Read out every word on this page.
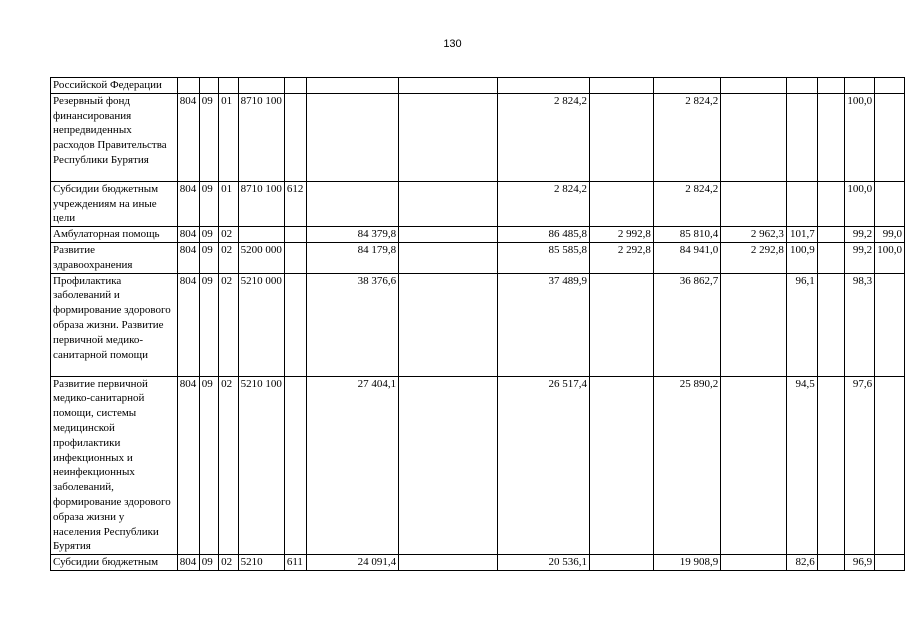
130
Российской Федерации															
Резервный фонд финансирования непредвиденных расходов Правительства Республики Бурятия	804	09	01	8710 100				2 824,2		2 824,2				100,0	
Субсидии бюджетным учреждениям на иные цели	804	09	01	8710 100	612			2 824,2		2 824,2				100,0	
Амбулаторная помощь	804	09	02			84 379,8		86 485,8	2 992,8	85 810,4	2 962,3	101,7		99,2	99,0
Развитие здравоохранения	804	09	02	5200 000		84 179,8		85 585,8	2 292,8	84 941,0	2 292,8	100,9		99,2	100,0
Профилактика заболеваний и формирование здорового образа жизни. Развитие первичной медико-санитарной помощи	804	09	02	5210 000		38 376,6		37 489,9		36 862,7		96,1		98,3	
Развитие первичной медико-санитарной помощи, системы медицинской профилактики инфекционных и неинфекционных заболеваний, формирование здорового образа жизни у населения Республики Бурятия	804	09	02	5210 100		27 404,1		26 517,4		25 890,2		94,5		97,6	
Субсидии бюджетным	804	09	02	5210	611	24 091,4		20 536,1		19 908,9		82,6		96,9	
